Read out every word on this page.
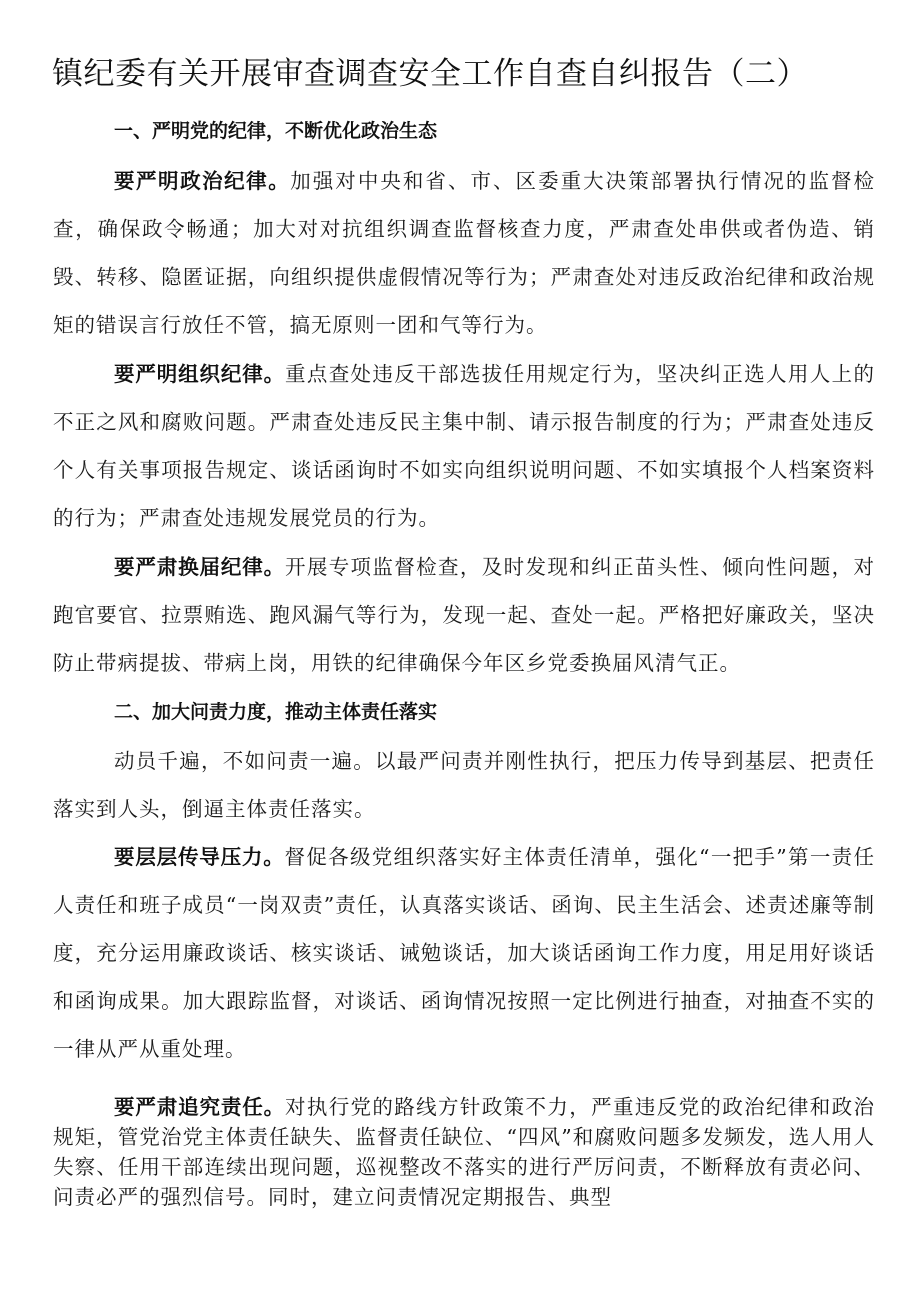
镇纪委有关开展审查调查安全工作自查自纠报告（二）
一、严明党的纪律，不断优化政治生态

要严明政治纪律。加强对中央和省、市、区委重大决策部署执行情况的监督检查，确保政令畅通；加大对对抗组织调查监督核查力度，严肃查处串供或者伪造、销毁、转移、隐匿证据，向组织提供虚假情况等行为；严肃查处对违反政治纪律和政治规矩的错误言行放任不管，搞无原则一团和气等行为。

要严明组织纪律。重点查处违反干部选拔任用规定行为，坚决纠正选人用人上的不正之风和腐败问题。严肃查处违反民主集中制、请示报告制度的行为；严肃查处违反个人有关事项报告规定、谈话函询时不如实向组织说明问题、不如实填报个人档案资料的行为；严肃查处违规发展党员的行为。

要严肃换届纪律。开展专项监督检查，及时发现和纠正苗头性、倾向性问题，对跑官要官、拉票贿选、跑风漏气等行为，发现一起、查处一起。严格把好廉政关，坚决防止带病提拔、带病上岗，用铁的纪律确保今年区乡党委换届风清气正。

二、加大问责力度，推动主体责任落实

动员千遍，不如问责一遍。以最严问责并刚性执行，把压力传导到基层、把责任落实到人头，倒逼主体责任落实。

要层层传导压力。督促各级党组织落实好主体责任清单，强化“一把手”第一责任人责任和班子成员“一岗双责”责任，认真落实谈话、函询、民主生活会、述责述廉等制度，充分运用廉政谈话、核实谈话、诫勉谈话，加大谈话函询工作力度，用足用好谈话和函询成果。加大跟踪监督，对谈话、函询情况按照一定比例进行抽查，对抽查不实的一律从严从重处理。

要严肃追究责任。对执行党的路线方针政策不力，严重违反党的政治纪律和政治规矩，管党治党主体责任缺失、监督责任缺位、“四风”和腐败问题多发频发，选人用人失察、任用干部连续出现问题，巡视整改不落实的进行严厉问责，不断释放有责必问、问责必严的强烈信号。同时，建立问责情况定期报告、典型
